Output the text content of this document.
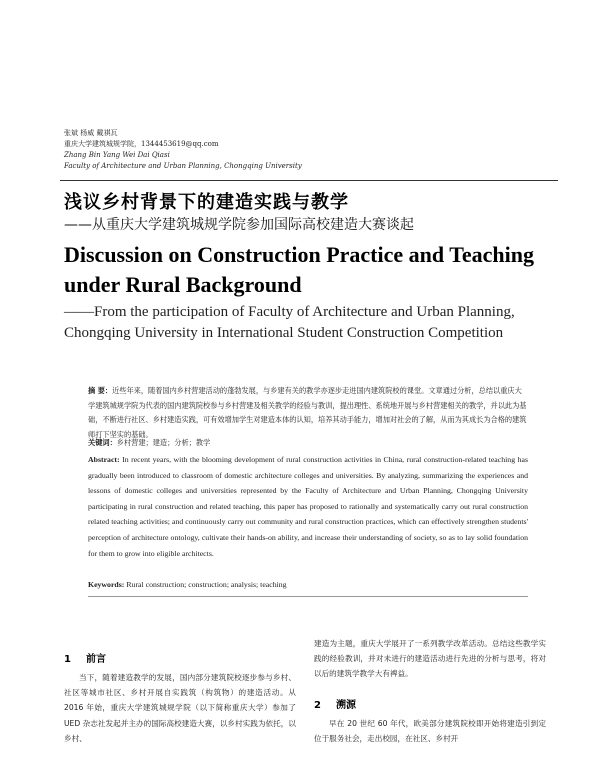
张斌 杨威 戴祺瓦
重庆大学建筑城规学院，1344453619@qq.com
Zhang Bin Yang Wei Dai Qiasi
Faculty of Architecture and Urban Planning, Chongqing University
浅议乡村背景下的建造实践与教学
——从重庆大学建筑城规学院参加国际高校建造大赛谈起
Discussion on Construction Practice and Teaching under Rural Background
——From the participation of Faculty of Architecture and Urban Planning, Chongqing University in International Student Construction Competition
摘 要：近些年来，随着国内乡村营建活动的蓬勃发展，与乡建有关的教学亦逐步走进国内建筑院校的课堂。文章通过分析，总结以重庆大学建筑城规学院为代表的国内建筑院校参与乡村营建及相关教学的经验与教训，提出理性、系统地开展与乡村营建相关的教学，并以此为基础，不断进行社区、乡村建造实践，可有效增加学生对建造本体的认知，培养其动手能力，增加对社会的了解，从而为其成长为合格的建筑师打下坚实的基础。
关键词：乡村营建；建造；分析；教学
Abstract: In recent years, with the blooming development of rural construction activities in China, rural construction-related teaching has gradually been introduced to classroom of domestic architecture colleges and universities. By analyzing, summarizing the experiences and lessons of domestic colleges and universities represented by the Faculty of Architecture and Urban Planning, Chongqing University participating in rural construction and related teaching, this paper has proposed to rationally and systematically carry out rural construction related teaching activities; and continuously carry out community and rural construction practices, which can effectively strengthen students' perception of architecture ontology, cultivate their hands-on ability, and increase their understanding of society, so as to lay solid foundation for them to grow into eligible architects.
Keywords: Rural construction; construction; analysis; teaching
1 前言
当下，随着建造教学的发展，国内部分建筑院校逐步参与乡村、社区等城市社区、乡村开展自实践筑（构筑物）的建造活动。从 2016 年始，重庆大学建筑城规学院（以下简称重庆大学）参加了 UED 杂志社发起并主办的国际高校建造大赛，以乡村实践为依托，以乡村、
建造为主题，重庆大学展开了一系列教学改革活动。总结这些教学实践的经验教训，并对未进行的建造活动进行先进的分析与思考，将对以后的建筑学教学大有裨益。
2 溯源
早在 20 世纪 60 年代，欧美部分建筑院校即开始将建造引到定位于服务社会，走出校园，在社区、乡村开
